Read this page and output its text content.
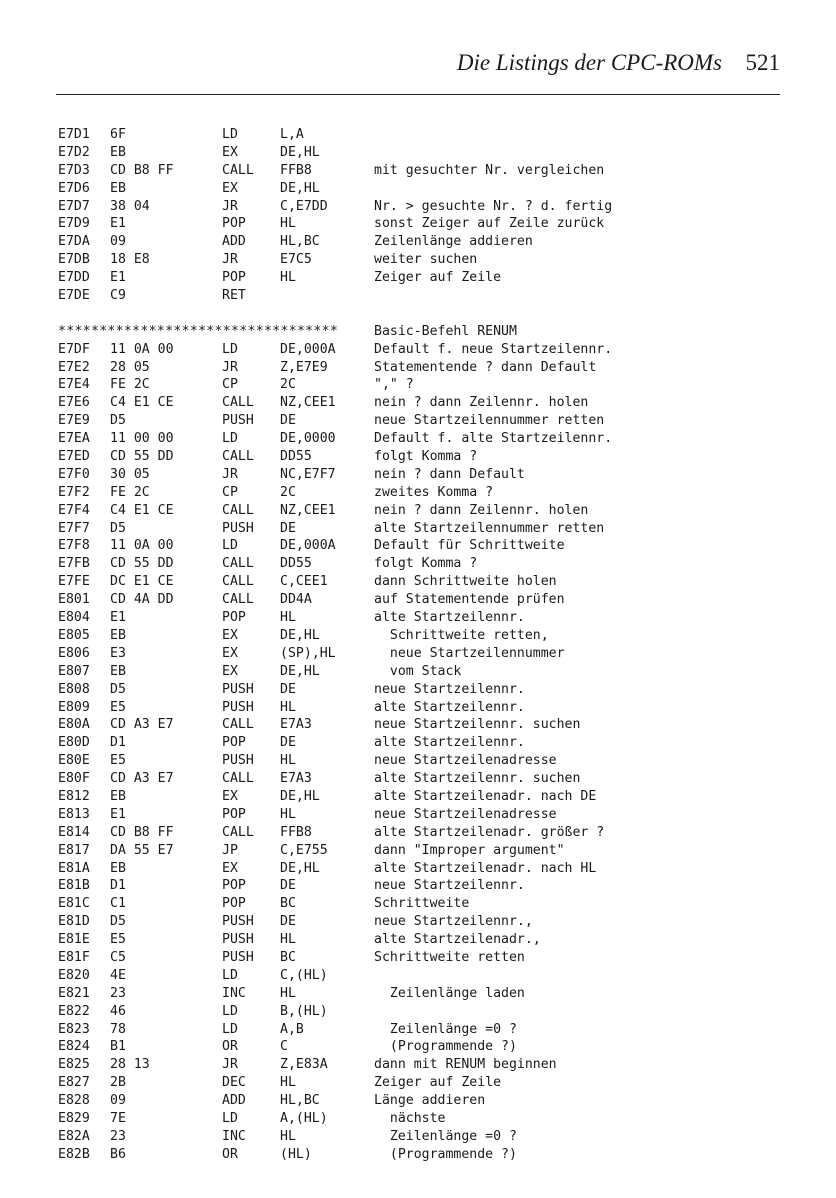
Die Listings der CPC-ROMs 521
E7D1 6F	LD	L,A
E7D2 EB	EX	DE,HL
E7D3 CD B8 FF	CALL FFB8	mit gesuchter Nr. vergleichen
E7D6 EB	EX	DE,HL
E7D7 38 04	JR	C,E7DD	Nr. > gesuchte Nr. ? d. fertig
E7D9 E1	POP	HL	sonst Zeiger auf Zeile zurück
E7DA 09	ADD	HL,BC	Zeilenlänge addieren
E7DB 18 E8	JR	E7C5	weiter suchen
E7DD E1	POP	HL	Zeiger auf Zeile
E7DE C9	RET
**********************************	Basic-Befehl RENUM
E7DF 11 0A 00	LD	DE,000A	Default f. neue Startzeilennr.
E7E2 28 05	JR	Z,E7E9	Statementende ? dann Default
E7E4 FE 2C	CP	2C	"," ?
E7E6 C4 E1 CE	CALL NZ,CEE1	nein ? dann Zeilennr. holen
E7E9 D5	PUSH DE	neue Startzeilennummer retten
E7EA 11 00 00	LD	DE,0000	Default f. alte Startzeilennr.
E7ED CD 55 DD	CALL DD55	folgt Komma ?
E7F0 30 05	JR	NC,E7F7	nein ? dann Default
E7F2 FE 2C	CP	2C	zweites Komma ?
E7F4 C4 E1 CE	CALL NZ,CEE1	nein ? dann Zeilennr. holen
E7F7 D5	PUSH DE	alte Startzeilennummer retten
E7F8 11 0A 00	LD	DE,000A	Default für Schrittweite
E7FB CD 55 DD	CALL DD55	folgt Komma ?
E7FE DC E1 CE	CALL C,CEE1	dann Schrittweite holen
E801 CD 4A DD	CALL DD4A	auf Statementende prüfen
E804 E1	POP	HL	alte Startzeilennr.
E805 EB	EX	DE,HL	Schrittweite retten,
E806 E3	EX	(SP),HL	neue Startzeilennummer
E807 EB	EX	DE,HL	vom Stack
E808 D5	PUSH DE	neue Startzeilennr.
E809 E5	PUSH HL	alte Startzeilennr.
E80A CD A3 E7	CALL E7A3	neue Startzeilennr. suchen
E80D D1	POP	DE	alte Startzeilennr.
E80E E5	PUSH HL	neue Startzeilenadresse
E80F CD A3 E7	CALL E7A3	alte Startzeilennr. suchen
E812 EB	EX	DE,HL	alte Startzeilenadr. nach DE
E813 E1	POP	HL	neue Startzeilenadresse
E814 CD B8 FF	CALL FFB8	alte Startzeilenadr. größer ?
E817 DA 55 E7	JP	C,E755	dann "Improper argument"
E81A EB	EX	DE,HL	alte Startzeilenadr. nach HL
E81B D1	POP	DE	neue Startzeilennr.
E81C C1	POP	BC	Schrittweite
E81D D5	PUSH DE	neue Startzeilennr.,
E81E E5	PUSH HL	alte Startzeilenadr.,
E81F C5	PUSH BC	Schrittweite retten
E820 4E	LD	C,(HL)
E821 23	INC	HL	Zeilenlänge laden
E822 46	LD	B,(HL)
E823 78	LD	A,B	Zeilenlänge =0 ?
E824 B1	OR	C	(Programmende ?)
E825 28 13	JR	Z,E83A	dann mit RENUM beginnen
E827 2B	DEC	HL	Zeiger auf Zeile
E828 09	ADD	HL,BC	Länge addieren
E829 7E	LD	A,(HL)	nächste
E82A 23	INC	HL	Zeilenlänge =0 ?
E82B B6	OR	(HL)	(Programmende ?)
